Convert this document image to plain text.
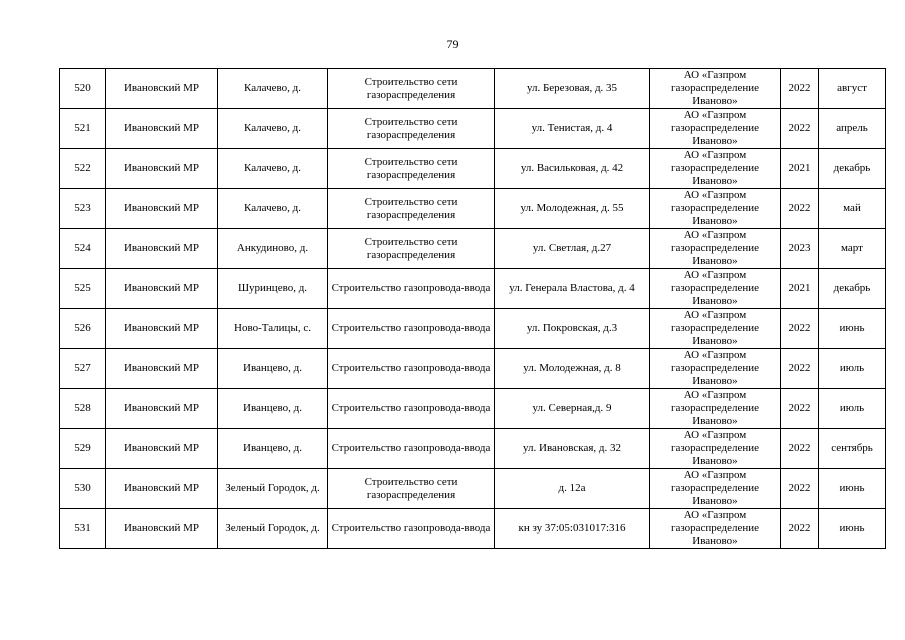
79
520	Ивановский МР	Калачево, д.	Строительство сети газораспределения	ул. Березовая, д. 35	АО «Газпром газораспределение Иваново»	2022	август
521	Ивановский МР	Калачево, д.	Строительство сети газораспределения	ул. Тенистая, д. 4	АО «Газпром газораспределение Иваново»	2022	апрель
522	Ивановский МР	Калачево, д.	Строительство сети газораспределения	ул. Васильковая, д. 42	АО «Газпром газораспределение Иваново»	2021	декабрь
523	Ивановский МР	Калачево, д.	Строительство сети газораспределения	ул. Молодежная, д. 55	АО «Газпром газораспределение Иваново»	2022	май
524	Ивановский МР	Анкудиново, д.	Строительство сети газораспределения	ул. Светлая, д.27	АО «Газпром газораспределение Иваново»	2023	март
525	Ивановский МР	Шуринцево, д.	Строительство газопровода-ввода	ул. Генерала Властова, д. 4	АО «Газпром газораспределение Иваново»	2021	декабрь
526	Ивановский МР	Ново-Талицы, с.	Строительство газопровода-ввода	ул. Покровская, д.3	АО «Газпром газораспределение Иваново»	2022	июнь
527	Ивановский МР	Иванцево, д.	Строительство газопровода-ввода	ул. Молодежная, д. 8	АО «Газпром газораспределение Иваново»	2022	июль
528	Ивановский МР	Иванцево, д.	Строительство газопровода-ввода	ул. Северная,д. 9	АО «Газпром газораспределение Иваново»	2022	июль
529	Ивановский МР	Иванцево, д.	Строительство газопровода-ввода	ул. Ивановская, д. 32	АО «Газпром газораспределение Иваново»	2022	сентябрь
530	Ивановский МР	Зеленый Городок, д.	Строительство сети газораспределения	д. 12а	АО «Газпром газораспределение Иваново»	2022	июнь
531	Ивановский МР	Зеленый Городок, д.	Строительство газопровода-ввода	кн зу 37:05:031017:316	АО «Газпром газораспределение Иваново»	2022	июнь
